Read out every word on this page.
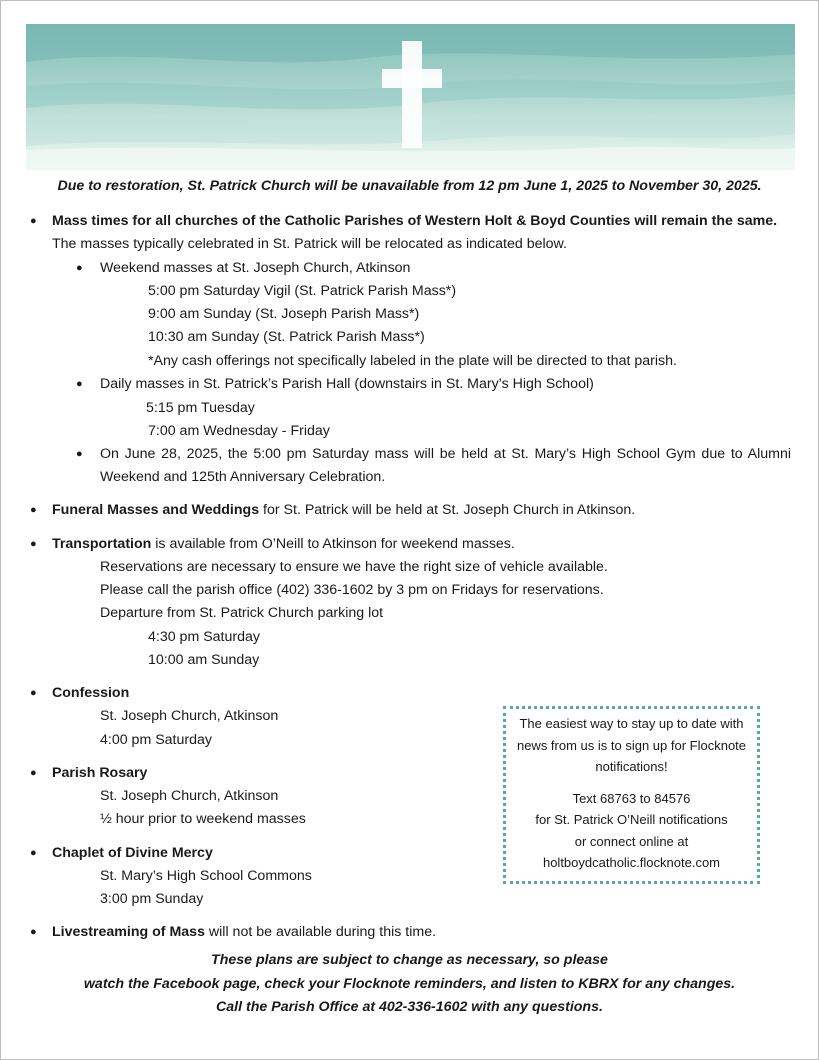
Due to restoration, St. Patrick Church will be unavailable from 12 pm June 1, 2025 to November 30, 2025.
● Mass times for all churches of the Catholic Parishes of Western Holt & Boyd Counties will remain the same.
The masses typically celebrated in St. Patrick will be relocated as indicated below.
● Weekend masses at St. Joseph Church, Atkinson
5:00 pm Saturday Vigil (St. Patrick Parish Mass*)
9:00 am Sunday (St. Joseph Parish Mass*)
10:30 am Sunday (St. Patrick Parish Mass*)
*Any cash offerings not specifically labeled in the plate will be directed to that parish.
● Daily masses in St. Patrick’s Parish Hall (downstairs in St. Mary’s High School)
5:15 pm Tuesday
7:00 am Wednesday - Friday
● On June 28, 2025, the 5:00 pm Saturday mass will be held at St. Mary’s High School Gym due to Alumni
Weekend and 125th Anniversary Celebration.
● Funeral Masses and Weddings for St. Patrick will be held at St. Joseph Church in Atkinson.
● Transportation is available from O’Neill to Atkinson for weekend masses.
Reservations are necessary to ensure we have the right size of vehicle available.
Please call the parish office (402) 336-1602 by 3 pm on Fridays for reservations.
Departure from St. Patrick Church parking lot
4:30 pm Saturday
10:00 am Sunday
● Confession
St. Joseph Church, Atkinson
4:00 pm Saturday
● Parish Rosary
St. Joseph Church, Atkinson
½ hour prior to weekend masses
● Chaplet of Divine Mercy
St. Mary’s High School Commons
3:00 pm Sunday
● Livestreaming of Mass will not be available during this time.

The easiest way to stay up to date with

news from us is to sign up for Flocknote

notifications!

Text 68763 to 84576

for St. Patrick O’Neill notifications

or connect online at

holtboydcatholic.flocknote.com

These plans are subject to change as necessary, so please
watch the Facebook page, check your Flocknote reminders, and listen to KBRX for any changes.
Call the Parish Office at 402-336-1602 with any questions.
